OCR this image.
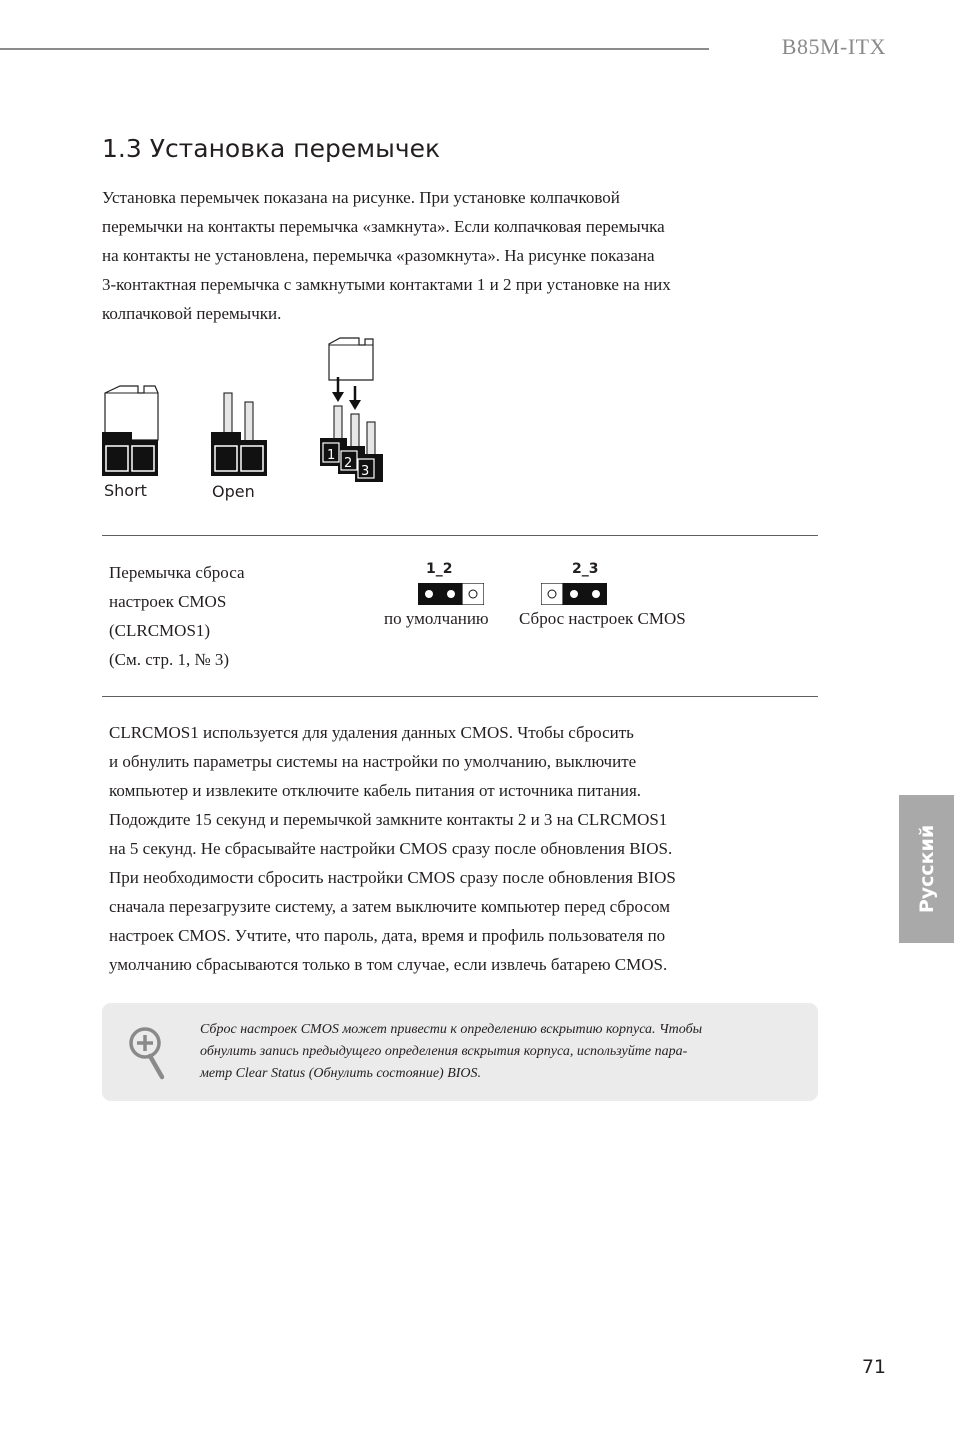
B85M-ITX
1.3 Установка перемычек
Установка перемычек показана на рисунке. При установке колпачковой
перемычки на контакты перемычка «замкнута». Если колпачковая перемычка
на контакты не установлена, перемычка «разомкнута». На рисунке показана
3-контактная перемычка с замкнутыми контактами 1 и 2 при установке на них
колпачковой перемычки.
1
2
3
Short	Open
Перемычка сброса
настроек CMOS
(CLRCMOS1)
(См. стр. 1, № 3)
1_2
по умолчанию
2_3
Сброс настроек CMOS
CLRCMOS1 используется для удаления данных CMOS. Чтобы сбросить
и обнулить параметры системы на настройки по умолчанию, выключите
компьютер и извлеките отключите кабель питания от источника питания.
Подождите 15 секунд и перемычкой замкните контакты 2 и 3 на CLRCMOS1
на 5 секунд. Не сбрасывайте настройки CMOS сразу после обновления BIOS.
При необходимости сбросить настройки CMOS сразу после обновления BIOS
сначала перезагрузите систему, а затем выключите компьютер перед сбросом
настроек CMOS. Учтите, что пароль, дата, время и профиль пользователя по
умолчанию сбрасываются только в том случае, если извлечь батарею CMOS.
Сброс настроек CMOS может привести к определению вскрытию корпуса. Чтобы
обнулить запись предыдущего определения вскрытия корпуса, используйте пара-
метр Clear Status (Обнулить состояние) BIOS.
Русский
71
